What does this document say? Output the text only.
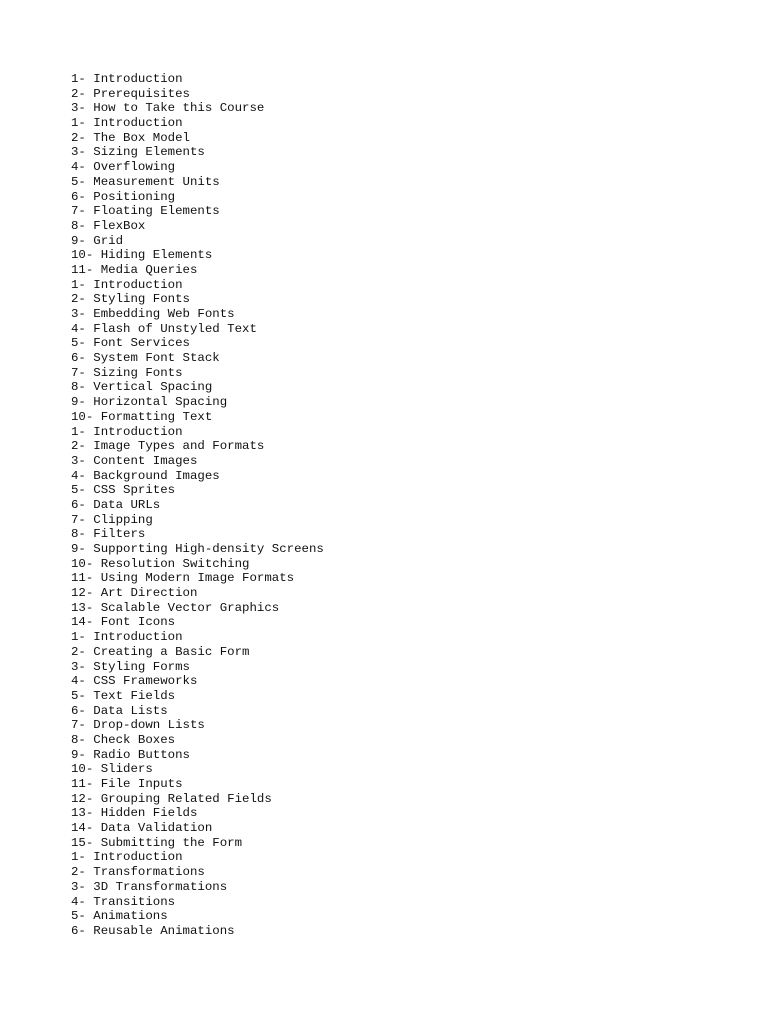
1- Introduction
2- Prerequisites
3- How to Take this Course
1- Introduction
2- The Box Model
3- Sizing Elements
4- Overflowing
5- Measurement Units
6- Positioning
7- Floating Elements
8- FlexBox
9- Grid
10- Hiding Elements
11- Media Queries
1- Introduction
2- Styling Fonts
3- Embedding Web Fonts
4- Flash of Unstyled Text
5- Font Services
6- System Font Stack
7- Sizing Fonts
8- Vertical Spacing
9- Horizontal Spacing
10- Formatting Text
1- Introduction
2- Image Types and Formats
3- Content Images
4- Background Images
5- CSS Sprites
6- Data URLs
7- Clipping
8- Filters
9- Supporting High-density Screens
10- Resolution Switching
11- Using Modern Image Formats
12- Art Direction
13- Scalable Vector Graphics
14- Font Icons
1- Introduction
2- Creating a Basic Form
3- Styling Forms
4- CSS Frameworks
5- Text Fields
6- Data Lists
7- Drop-down Lists
8- Check Boxes
9- Radio Buttons
10- Sliders
11- File Inputs
12- Grouping Related Fields
13- Hidden Fields
14- Data Validation
15- Submitting the Form
1- Introduction
2- Transformations
3- 3D Transformations
4- Transitions
5- Animations
6- Reusable Animations
